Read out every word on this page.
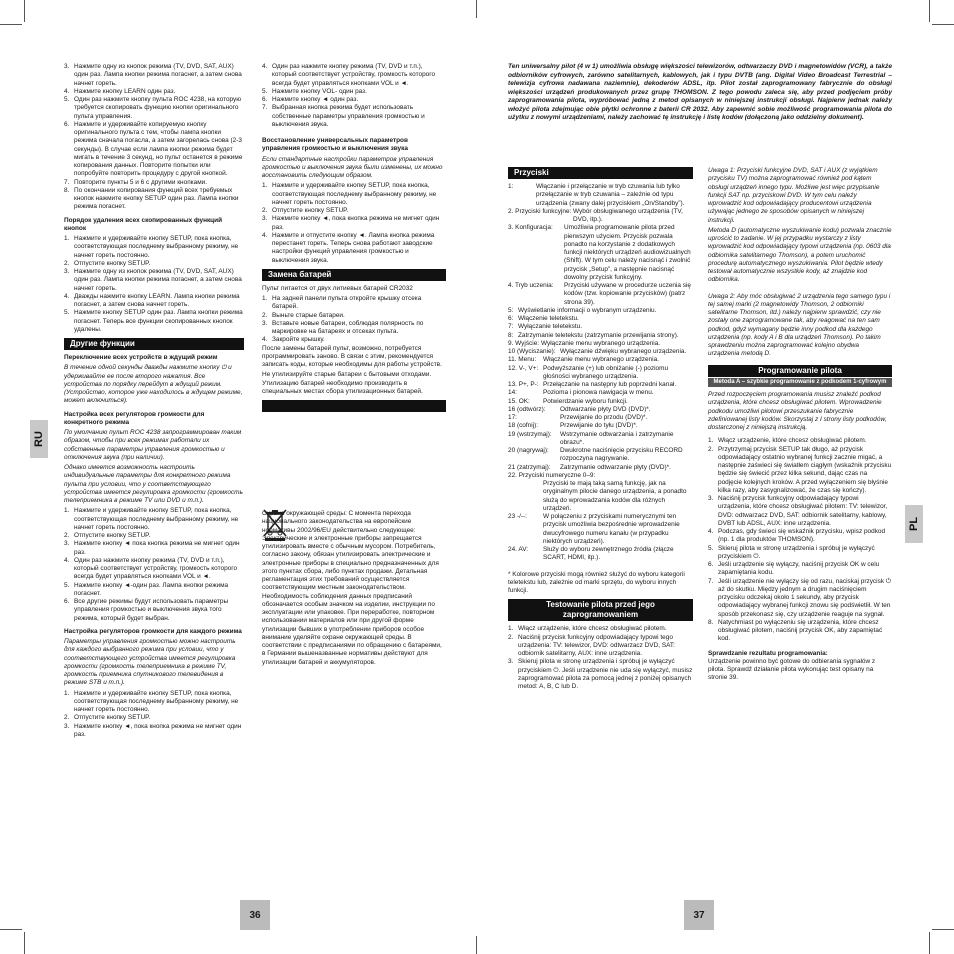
RU
PL
36	37
3. Нажмите одну из кнопок режима (TV, DVD, SAT, AUX) один раз. Лампа кнопки режима погаснет, а затем снова начнет гореть.
4. Нажмите кнопку LEARN один раз.
5. Один раз нажмите кнопку пульта ROC 4238, на которую требуется скопировать функцию кнопки оригинального пульта управления.
6. Нажмите и удерживайте копируемую кнопку оригинального пульта с тем, чтобы лампа кнопки режима сначала погасла, а затем загорелась снова (2-3 секунды). В случае если лампа кнопки режима будет мигать в течение 3 секунд, но пульт останется в режиме копирования данных. Повторите попытки или попробуйте повторить процедуру с другой кнопкой.
7. Повторите пункты 5 и 6 с другими кнопками.
8. По окончании копирования функций всех требуемых кнопок нажмите кнопку SETUP один раз. Лампа кнопки режима погаснет.

Порядок удаления всех скопированных функций кнопок

1. Нажмите и удерживайте кнопку SETUP, пока кнопка, соответствующая последнему выбранному режиму, не начнет гореть постоянно.
2. Отпустите кнопку SETUP.
3. Нажмите одну из кнопок режима (TV, DVD, SAT, AUX) один раз. Лампа кнопки режима погаснет, а затем снова начнет гореть.
4. Дважды нажмите кнопку LEARN. Лампа кнопки режима погаснет, а затем снова начнет гореть.
5. Нажмите кнопку SETUP один раз. Лампа кнопки режима погаснет. Теперь все функции скопированных кнопок удалены.
Другие функции

Переключение всех устройств в ждущий режим

В течение одной секунды дважды нажмите кнопку ⏻ и удерживайте ее после второго нажатия. Все устройства по порядку перейдут в ждущий режим. (Устройство, которое уже находилось в ждущем режиме, может включиться).

Настройка всех регуляторов громкости для конкретного режима

По умолчанию пульт ROC 4238 запрограммирован таким образом, чтобы при всех режимах работали их собственные параметры управления громкостью и отключения звука (при наличии).

Однако имеется возможность настроить индивидуальные параметры для конкретного режима пульта при условии, что у соответствующего устройства имеется регулировка громкости (громкость телеприемника в режиме TV или DVD и т.п.).

1. Нажмите и удерживайте кнопку SETUP, пока кнопка, соответствующая последнему выбранному режиму, не начнет гореть постоянно.
2. Отпустите кнопку SETUP.
3. Нажмите кнопку ◄ пока кнопка режима не мигнет один раз.
4. Один раз нажмите кнопку режима (TV, DVD и т.п.), который соответствует устройству, громкость которого всегда будет управляться кнопками VOL и ◄.
5. Нажмите кнопку ◄-один раз. Лампа кнопки режима погаснет.
6. Все другие режимы будут использовать параметры управления громкостью и выключения звука того режима, который будет выбран.

Настройка регуляторов громкости для каждого режима

Параметры управления громкостью можно настроить для каждого выбранного режима при условии, что у соответствующего устройства имеется регулировка громкости (громкость телеприемника в режиме TV, громкость приемника спутникового телевидения в режиме STB и т.п.).

1. Нажмите и удерживайте кнопку SETUP, пока кнопка, соответствующая последнему выбранному режиму, не начнет гореть постоянно.
2. Отпустите кнопку SETUP.
3. Нажмите кнопку ◄, пока кнопка режима не мигнет один раз.
4. Один раз нажмите кнопку режима (TV, DVD и т.п.), который соответствует устройству, громкость которого всегда будет управляться кнопками VOL и ◄.
5. Нажмите кнопку VOL- один раз.
6. Нажмите кнопку ◄ один раз.
7. Выбранная кнопка режима будет использовать собственные параметры управления громкостью и выключения звука.

Восстановление универсальных параметров управления громкостью и выключения звука

Если стандартные настройки параметров управления громкостью и выключения звука были изменены, их можно восстановить следующим образом.

1. Нажмите и удерживайте кнопку SETUP, пока кнопка, соответствующая последнему выбранному режиму, не начнет гореть постоянно.
2. Отпустите кнопку SETUP.
3. Нажмите кнопку ◄, пока кнопка режима не мигнет один раз.
4. Нажмите и отпустите кнопку ◄. Лампа кнопка режима перестанет гореть. Теперь снова работают заводские настройки функций управления громкостью и выключения звука.
Замена батарей

Пульт питается от двух литиевых батарей CR2032

1. На задней панели пульта откройте крышку отсека батарей.
2. Выньте старые батареи.
3. Вставьте новые батареи, соблюдая полярность по маркировке на батареях и отсеках пульта.
4. Закройте крышку.

После замены батарей пульт, возможно, потребуется программировать заново. В связи с этим, рекомендуется записать коды, которые необходимы для работы устройств.

Не утилизируйте старые батареи с бытовыми отходами. Утилизацию батарей необходимо производить в специальных местах сбора утилизационных батарей.

Охрана окружающей среды: С момента перехода национального законодательства на европейские нормативы 2002/96/EU действительно следующее: Электрические и электронные приборы запрещается утилизировать вместе с обычным мусором. Потребитель, согласно закону, обязан утилизировать электрические и электронные приборы в специально предназначенных для этого пунктах сбора, либо пунктах продажи. Детальная регламентация этих требований осуществляется соответствующим местным законодательством. Необходимость соблюдения данных предписаний обозначается особым значком на изделии, инструкции по эксплуатации или упаковке. При переработке, повторном использовании материалов или при другой форме утилизации бывших в употреблении приборов особое внимание уделяйте охране окружающей среды. В соответствии с предписаниями по обращению с батареями, в Германии вышеназванные нормативы действуют для утилизации батарей и аккумуляторов.

Ten uniwersalny pilot (4 w 1) umożliwia obsługę większości telewizorów, odtwarzaczy DVD i magnetowidów (VCR), a także odbiorników cyfrowych, zarówno satelitarnych, kablowych, jak i typu DVTB (ang. Digital Video Broadcast Terrestrial – telewizja cyfrowa nadawana naziemnie), dekoderów ADSL, itp. Pilot został zaprogramowany fabrycznie do obsługi większości urządzeń produkowanych przez grupę THOMSON. Z tego powodu zaleca się, aby przed podjęciem próby zaprogramowania pilota, wypróbować jedną z metod opisanych w niniejszej instrukcji obsługi. Najpierw jednak należy włożyć pilota zdejmując obie płytki ochronne z baterii CR 2032. Aby zapewnić sobie możliwość programowania pilota do użytku z nowymi urządzeniami, należy zachować tę instrukcję i listę kodów (dołączoną jako oddzielny dokument).
Przyciski
1:	Włączanie i przełączanie w tryb czuwania lub tylko przełączanie w tryb czuwania – zależnie od typu urządzenia (zwany dalej przyciskiem „On/Standby”).
2. Przyciski funkcyjne: Wybór obsługiwanego urządzenia (TV, DVD, itp.).
3. Konfiguracja:	Umożliwia programowanie pilota przed pierwszym użyciem. Przycisk pozwala ponadto na korzystanie z dodatkowych funkcji niektórych urządzeń audiowizualnych (Shift). W tym celu należy nacisnąć i zwolnić przycisk „Setup”, a następnie nacisnąć dowolny przycisk funkcyjny.
4. Tryb uczenia:	Przyciski używane w procedurze uczenia się kodów (tzw. kopiowanie przycisków) (patrz strona 39).
5: Wyświetlanie informacji o wybranym urządzeniu.
6: Włączenie teletekstu.
7: Wyłączanie teletekstu.
8: Zatrzymanie teletekstu (zatrzymanie przewijania strony).
9. Wyjście: Wyłączanie menu wybranego urządzenia.
10 (Wyciszanie): Wyłączanie dźwięku wybranego urządzenia.
11. Menu:	Włączanie menu wybranego urządzenia.
12. V-, V+: Podwyższanie (+) lub obniżanie (-) poziomu głośności wybranego urządzenia.
13. P+, P-: Przełączanie na następny lub poprzedni kanał.
14:	Pozioma i pionowa nawigacja w menu.
15. OK:	Potwierdzanie wyboru funkcji.
16 (odtwórz):	Odtwarzanie płyty DVD (DVD)*.
17:	Przewijanie do przodu (DVD)*.
18 (cofnij):	Przewijanie do tyłu (DVD)*.
19 (wstrzymaj):	Wstrzymanie odtwarzania i zatrzymanie obrazu*.
20 (nagrywaj):	Dwukrotne naciśnięcie przycisku RECORD rozpoczyna nagrywanie.
21 (zatrzymaj):	Zatrzymanie odtwarzanie płyty (DVD)*.
22. Przyciski numeryczne 0–9:
Przyciski te mają taką samą funkcję, jak na oryginalnym pilocie danego urządzenia, a ponadto służą do wprowadzania kodów dla różnych urządzeń.
23 -/--:	W połączeniu z przyciskami numerycznymi ten przycisk umożliwia bezpośrednie wprowadzenie dwucyfrowego numeru kanału (w przypadku niektórych urządzeń).
24. AV:	Służy do wyboru zewnętrznego źródła (złącze SCART, HDMI, itp.).

* Kolorowe przyciski mogą również służyć do wyboru kategorii teletekstu lub, zależnie od marki sprzętu, do wyboru innych funkcji.

Testowanie pilota przed jego zaprogramowaniem
1. Włącz urządzenie, które chcesz obsługiwać pilotem.
2. Naciśnij przycisk funkcyjny odpowiadający typowi tego urządzenia: TV: telewizor, DVD: odtwarzacz DVD, SAT: odbiornik satelitarny, AUX: inne urządzenia.
3. Skieruj pilota w stronę urządzenia i spróbuj je wyłączyć przyciskiem ⏻. Jeśli urządzenie nie uda się wyłączyć, musisz zaprogramować pilota za pomocą jednej z poniżej opisanych metod: A, B, C lub D.

Uwaga 1: Przyciski funkcyjne DVD, SAT i AUX (z wyjątkiem przycisku TV) można zaprogramować również pod kątem obsługi urządzeń innego typu. Możliwe jest więc przypisanie funkcji SAT np. przyciskowi DVD. W tym celu należy wprowadzić kod odpowiadający producentowi urządzenia używając jednego ze sposobów opisanych w niniejszej instrukcji.

Metoda D (automatyczne wyszukiwanie kodu) pozwala znacznie uprościć to zadanie. W jej przypadku wystarczy z listy wprowadzić kod odpowiadający typowi urządzenia (np. 0603 dla odbiornika satelitarnego Thomson), a potem uruchomić procedurę automatycznego wyszukiwania. Pilot będzie wtedy testował automatycznie wszystkie kody, aż znajdzie kod odbiornika.

Uwaga 2: Aby móc obsługiwać 2 urządzenia tego samego typu i tej samej marki (2 magnetowidy Thomson, 2 odbiorniki satelitarne Thomson, itd.) należy najpierw sprawdzić, czy nie zostały one zaprogramowane tak, aby reagować na ten sam podkod, gdyż wymagany będzie inny podkod dla każdego urządzenia (np. kody A i B dla urządzeń Thomson). Po takim sprawdzeniu można zaprogramować kolejno obydwa urządzenia metodą D.

Programowanie pilota
Metoda A – szybkie programowanie z podkodem 1-cyfrowym

Przed rozpoczęciem programowania musisz znaleźć podkod urządzenia, które chcesz obsługiwać pilotem. Wprowadzenie podkodu umożliwi pilotowi przeszukanie fabrycznie zdefiniowanej listy kodów. Skorzystaj z I strony listy podkodów, dostarczonej z niniejszą instrukcją.

1. Włącz urządzenie, które chcesz obsługiwać pilotem.
2. Przytrzymaj przycisk SETUP tak długo, aż przycisk odpowiadający ostatnio wybranej funkcji zacznie migać, a następnie zaświeci się światłem ciągłym (wskaźnik przycisku będzie się świecić przez kilka sekund, dając czas na podjęcie kolejnych kroków. A przed wyłączeniem się błyśnie kilka razy, aby zasygnalizować, że czas się kończy).
3. Naciśnij przycisk funkcyjny odpowiadający typowi urządzenia, które chcesz obsługiwać pilotem: TV: telewizor, DVD: odtwarzacz DVD, SAT: odbiornik satelitarny, kablowy, DVBT lub ADSL, AUX: inne urządzenia.
4. Podczas, gdy świeci się wskaźnik przycisku, wpisz podkod (np. 1 dla produktów THOMSON).
5. Skieruj pilota w stronę urządzenia i spróbuj je wyłączyć przyciskiem ⏻.
6. Jeśli urządzenie się wyłączy, naciśnij przycisk OK w celu zapamiętania kodu.
7. Jeśli urządzenie nie wyłączy się od razu, naciskaj przycisk ⏻ aż do skutku. Między jednym a drugim naciśnięciem przycisku odczekaj około 1 sekundy, aby przycisk odpowiadający wybranej funkcji znowu się podświetlił. W ten sposób przekonasz się, czy urządzenie reaguje na sygnał.
8. Natychmiast po wyłączeniu się urządzenia, które chcesz obsługiwać pilotem, naciśnij przycisk OK, aby zapamiętać kod.

Sprawdzanie rezultatu programowania:

Urządzenie powinno być gotowe do odbierania sygnałów z pilota. Sprawdź działanie pilota wykonując test opisany na stronie 39.
